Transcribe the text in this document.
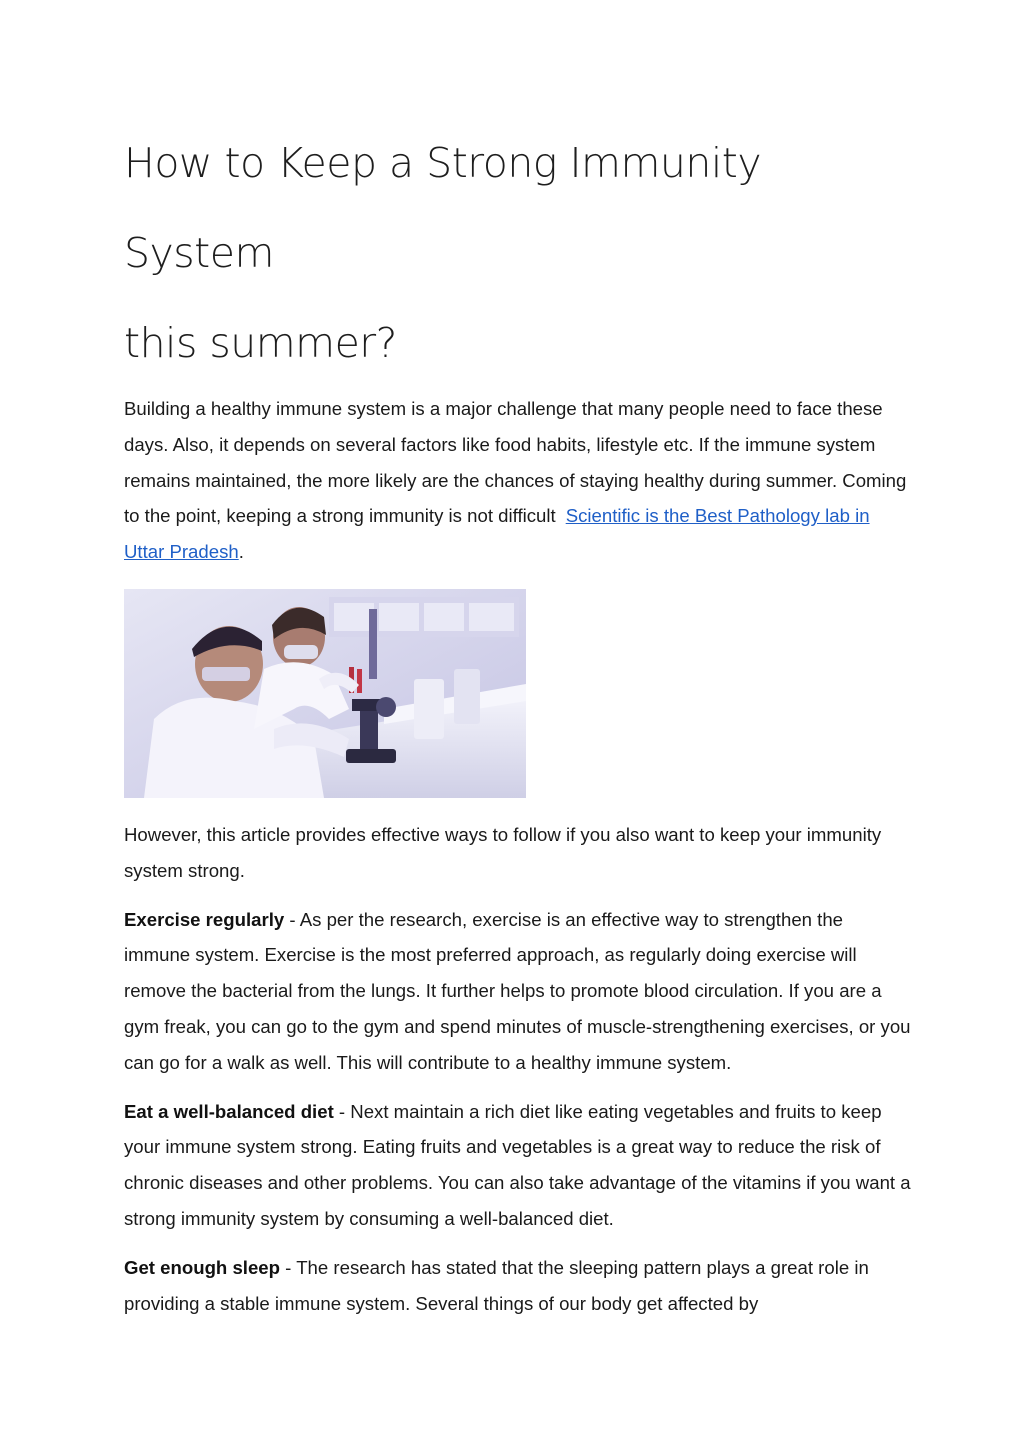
How to Keep a Strong Immunity System
this summer?

Building a healthy immune system is a major challenge that many people need to face these days. Also, it depends on several factors like food habits, lifestyle etc. If the immune system remains maintained, the more likely are the chances of staying healthy during summer. Coming to the point, keeping a strong immunity is not difficult Scientific is the Best Pathology lab in Uttar Pradesh.

However, this article provides effective ways to follow if you also want to keep your immunity system strong.

Exercise regularly - As per the research, exercise is an effective way to strengthen the immune system. Exercise is the most preferred approach, as regularly doing exercise will remove the bacterial from the lungs. It further helps to promote blood circulation. If you are a gym freak, you can go to the gym and spend minutes of muscle-strengthening exercises, or you can go for a walk as well. This will contribute to a healthy immune system.

Eat a well-balanced diet - Next maintain a rich diet like eating vegetables and fruits to keep your immune system strong. Eating fruits and vegetables is a great way to reduce the risk of chronic diseases and other problems. You can also take advantage of the vitamins if you want a strong immunity system by consuming a well-balanced diet.

Get enough sleep - The research has stated that the sleeping pattern plays a great role in providing a stable immune system. Several things of our body get affected by
